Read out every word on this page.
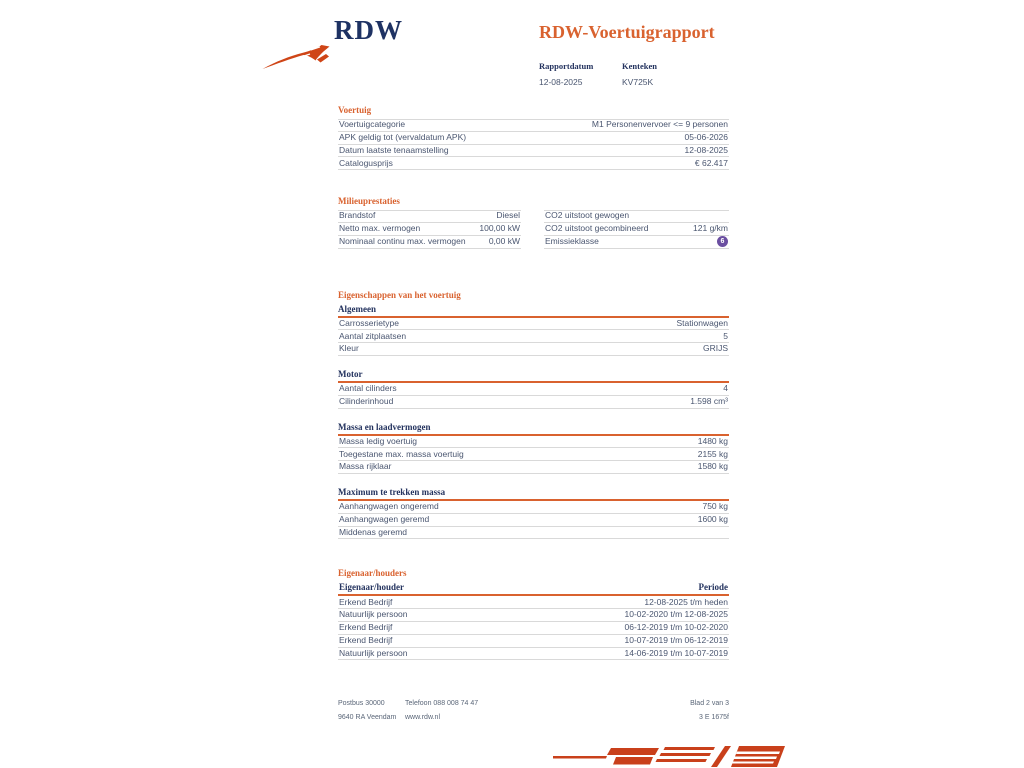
RDW	RDW-Voertuigrapport
Rapportdatum
12-08-2025
Kenteken
KV725K
Voertuig
Voertuigcategorie	M1 Personenvervoer <= 9 personen
APK geldig tot (vervaldatum APK)	05-06-2026
Datum laatste tenaamstelling	12-08-2025
Catalogusprijs	€ 62.417
Milieuprestaties
Brandstof	Diesel
Netto max. vermogen	100,00 kW
Nominaal continu max. vermogen	0,00 kW
CO2 uitstoot gewogen
CO2 uitstoot gecombineerd	121 g/km
Emissieklasse	6
Eigenschappen van het voertuig
Algemeen
Carrosserietype	Stationwagen
Aantal zitplaatsen	5
Kleur	GRIJS
Motor
Aantal cilinders	4
Cilinderinhoud	1.598 cm³
Massa en laadvermogen
Massa ledig voertuig	1480 kg
Toegestane max. massa voertuig	2155 kg
Massa rijklaar	1580 kg
Maximum te trekken massa
Aanhangwagen ongeremd	750 kg
Aanhangwagen geremd	1600 kg
Middenas geremd
Eigenaar/houders
Eigenaar/houder	Periode
Erkend Bedrijf	12-08-2025 t/m heden
Natuurlijk persoon	10-02-2020 t/m 12-08-2025
Erkend Bedrijf	06-12-2019 t/m 10-02-2020
Erkend Bedrijf	10-07-2019 t/m 06-12-2019
Natuurlijk persoon	14-06-2019 t/m 10-07-2019
Postbus 30000	Telefoon 088 008 74 47	Blad 2 van 3
9640 RA Veendam	www.rdw.nl	3 E 1675f
